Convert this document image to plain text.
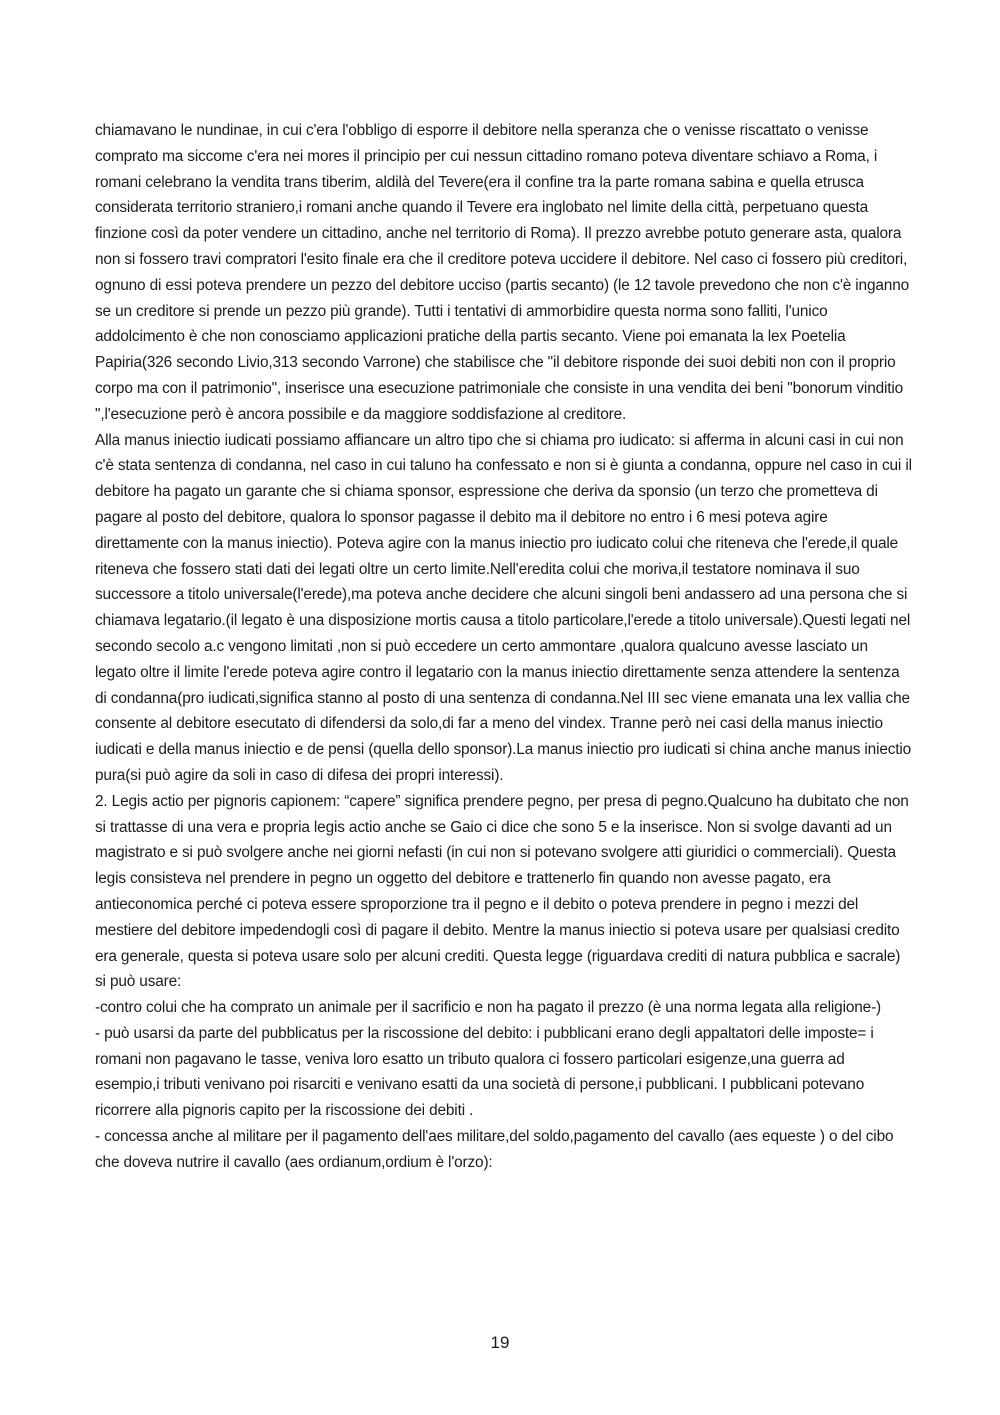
chiamavano le nundinae, in cui c'era l'obbligo di esporre il debitore nella speranza che o venisse riscattato o venisse comprato ma siccome c'era nei mores il principio per cui nessun cittadino romano poteva diventare schiavo a Roma, i romani celebrano la vendita trans tiberim, aldilà del Tevere(era il confine tra la parte romana sabina e quella etrusca considerata territorio straniero,i romani anche quando il Tevere era inglobato nel limite della città, perpetuano questa finzione così da poter vendere un cittadino, anche nel territorio di Roma). Il prezzo avrebbe potuto generare asta, qualora non si fossero travi compratori l'esito finale era che il creditore poteva uccidere il debitore. Nel caso ci fossero più creditori, ognuno di essi poteva prendere un pezzo del debitore ucciso (partis secanto) (le 12 tavole prevedono che non c'è inganno se un creditore si prende un pezzo più grande). Tutti i tentativi di ammorbidire questa norma sono falliti, l'unico addolcimento è che non conosciamo applicazioni pratiche della partis secanto. Viene poi emanata la lex Poetelia Papiria(326 secondo Livio,313 secondo Varrone) che stabilisce che "il debitore risponde dei suoi debiti non con il proprio corpo ma con il patrimonio", inserisce una esecuzione patrimoniale che consiste in una vendita dei beni "bonorum vinditio ",l'esecuzione però è ancora possibile e da maggiore soddisfazione al creditore.

Alla manus iniectio iudicati possiamo affiancare un altro tipo che si chiama pro iudicato: si afferma in alcuni casi in cui non c'è stata sentenza di condanna, nel caso in cui taluno ha confessato e non si è giunta a condanna, oppure nel caso in cui il debitore ha pagato un garante che si chiama sponsor, espressione che deriva da sponsio (un terzo che prometteva di pagare al posto del debitore, qualora lo sponsor pagasse il debito ma il debitore no entro i 6 mesi poteva agire direttamente con la manus iniectio). Poteva agire con la manus iniectio pro iudicato colui che riteneva che l'erede,il quale riteneva che fossero stati dati dei legati oltre un certo limite.Nell'eredita colui che moriva,il testatore nominava il suo successore a titolo universale(l'erede),ma poteva anche decidere che alcuni singoli beni andassero ad una persona che si chiamava legatario.(il legato è una disposizione mortis causa a titolo particolare,l'erede a titolo universale).Questi legati nel secondo secolo a.c vengono limitati ,non si può eccedere un certo ammontare ,qualora qualcuno avesse lasciato un legato oltre il limite l'erede poteva agire contro il legatario con la manus iniectio direttamente senza attendere la sentenza di condanna(pro iudicati,significa stanno al posto di una sentenza di condanna.Nel III sec viene emanata una lex vallia che consente al debitore esecutato di difendersi da solo,di far a meno del vindex. Tranne però nei casi della manus iniectio iudicati e della manus iniectio e de pensi (quella dello sponsor).La manus iniectio pro iudicati si china anche manus iniectio pura(si può agire da soli in caso di difesa dei propri interessi).

2. Legis actio per pignoris capionem: “capere” significa prendere pegno, per presa di pegno.Qualcuno ha dubitato che non si trattasse di una vera e propria legis actio anche se Gaio ci dice che sono 5 e la inserisce. Non si svolge davanti ad un magistrato e si può svolgere anche nei giorni nefasti (in cui non si potevano svolgere atti giuridici o commerciali). Questa legis consisteva nel prendere in pegno un oggetto del debitore e trattenerlo fin quando non avesse pagato, era antieconomica perché ci poteva essere sproporzione tra il pegno e il debito o poteva prendere in pegno i mezzi del mestiere del debitore impedendogli così di pagare il debito. Mentre la manus iniectio si poteva usare per qualsiasi credito era generale, questa si poteva usare solo per alcuni crediti. Questa legge (riguardava crediti di natura pubblica e sacrale) si può usare:

-contro colui che ha comprato un animale per il sacrificio e non ha pagato il prezzo (è una norma legata alla religione-)

- può usarsi da parte del pubblicatus per la riscossione del debito: i pubblicani erano degli appaltatori delle imposte= i romani non pagavano le tasse, veniva loro esatto un tributo qualora ci fossero particolari esigenze,una guerra ad esempio,i tributi venivano poi risarciti e venivano esatti da una società di persone,i pubblicani. I pubblicani potevano ricorrere alla pignoris capito per la riscossione dei debiti .

- concessa anche al militare per il pagamento dell'aes militare,del soldo,pagamento del cavallo (aes equeste ) o del cibo che doveva nutrire il cavallo (aes ordianum,ordium è l'orzo):

19
